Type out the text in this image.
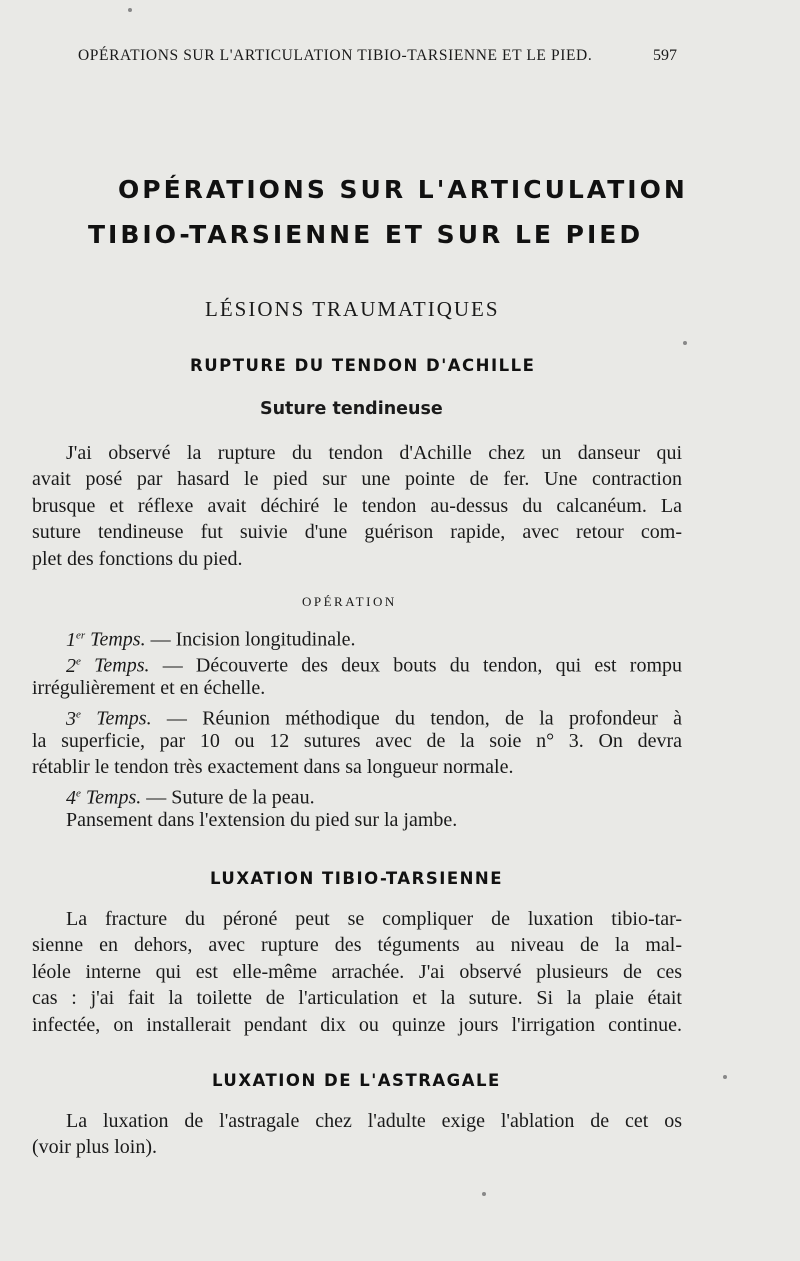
OPÉRATIONS SUR L'ARTICULATION TIBIO-TARSIENNE ET LE PIED.	597
OPÉRATIONS SUR L'ARTICULATION
TIBIO-TARSIENNE ET SUR LE PIED
LÉSIONS TRAUMATIQUES
RUPTURE DU TENDON D'ACHILLE
Suture tendineuse
J'ai observé la rupture du tendon d'Achille chez un danseur qui
avait posé par hasard le pied sur une pointe de fer. Une contraction
brusque et réflexe avait déchiré le tendon au-dessus du calcanéum. La
suture tendineuse fut suivie d'une guérison rapide, avec retour com-
plet des fonctions du pied.
OPÉRATION
1er Temps. — Incision longitudinale.
2e Temps. — Découverte des deux bouts du tendon, qui est rompu
irrégulièrement et en échelle.
3e Temps. — Réunion méthodique du tendon, de la profondeur à
la superficie, par 10 ou 12 sutures avec de la soie n° 3. On devra
rétablir le tendon très exactement dans sa longueur normale.
4e Temps. — Suture de la peau.
Pansement dans l'extension du pied sur la jambe.
LUXATION TIBIO-TARSIENNE
La fracture du péroné peut se compliquer de luxation tibio-tar-
sienne en dehors, avec rupture des téguments au niveau de la mal-
léole interne qui est elle-même arrachée. J'ai observé plusieurs de ces
cas : j'ai fait la toilette de l'articulation et la suture. Si la plaie était
infectée, on installerait pendant dix ou quinze jours l'irrigation continue.
LUXATION DE L'ASTRAGALE
La luxation de l'astragale chez l'adulte exige l'ablation de cet os
(voir plus loin).
